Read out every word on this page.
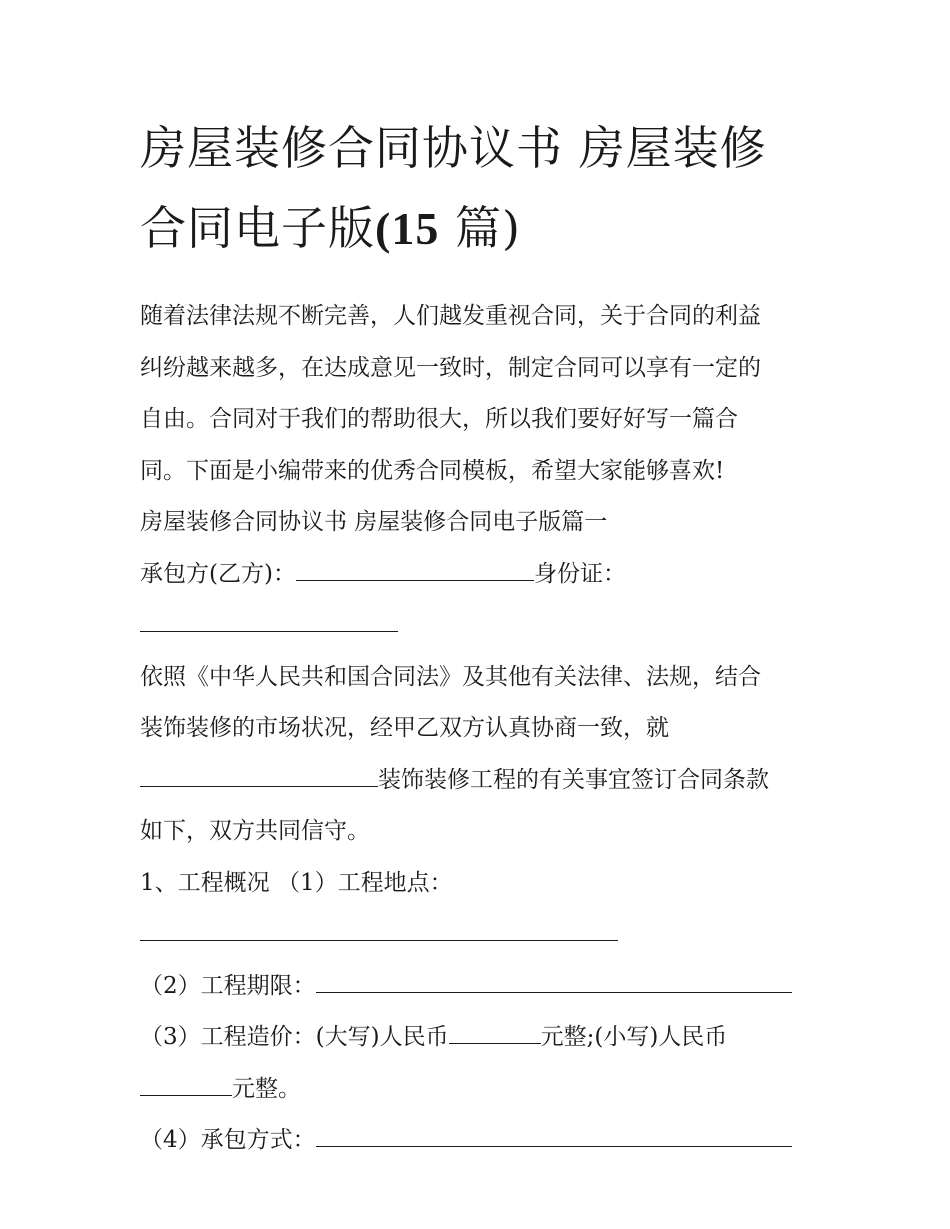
房屋装修合同协议书 房屋装修
合同电子版(15 篇)

随着法律法规不断完善，人们越发重视合同，关于合同的利益

纠纷越来越多，在达成意见一致时，制定合同可以享有一定的

自由。合同对于我们的帮助很大，所以我们要好好写一篇合

同。下面是小编带来的优秀合同模板，希望大家能够喜欢!

房屋装修合同协议书 房屋装修合同电子版篇一

承包方(乙方)：	身份证：

依照《中华人民共和国合同法》及其他有关法律、法规，结合

装饰装修的市场状况，经甲乙双方认真协商一致，就

装饰装修工程的有关事宜签订合同条款

如下，双方共同信守。

1、工程概况 （1）工程地点：

（2）工程期限：

（3）工程造价：(大写)人民币	元整;(小写)人民币

元整。

（4）承包方式：
